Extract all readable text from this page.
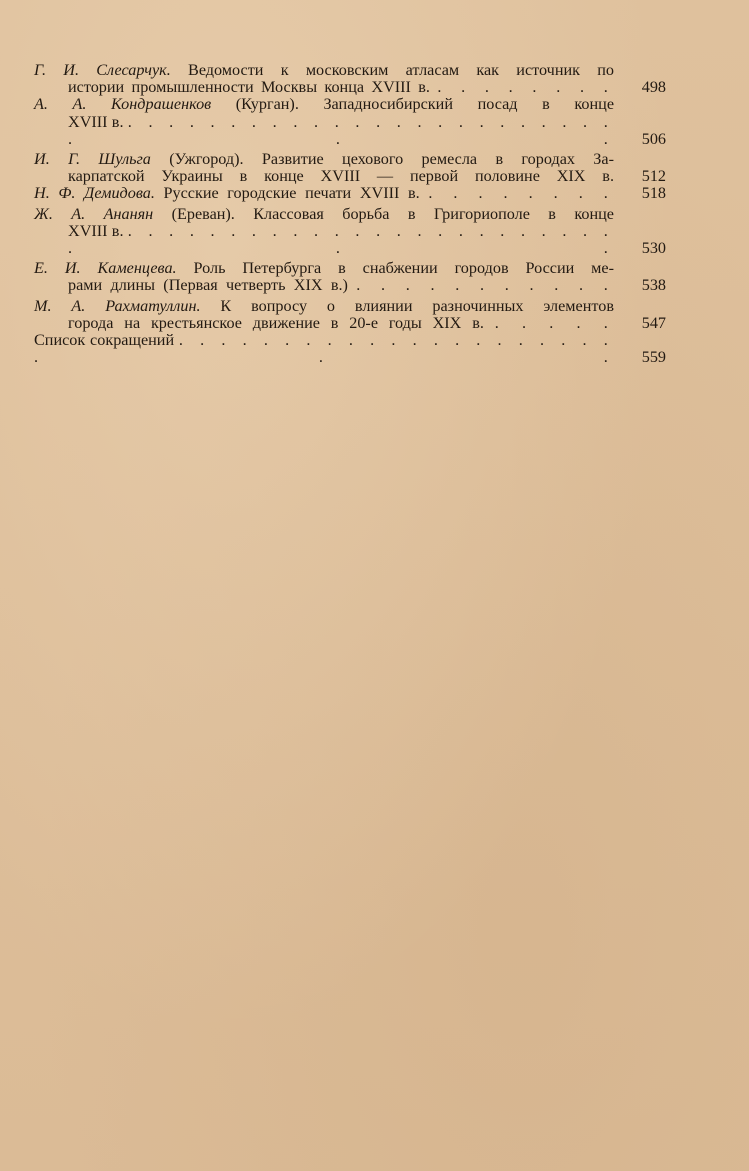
Г. И. Слесарчук. Ведомости к московским атласам как источник по
истории промышленности Москвы конца XVIII в. . . . . . . . .	498
А. А. Кондрашенков (Курган). Западносибирский посад в конце
XVIII в. . . . . . . . . . . . . . . . . . . . . . . . . . . .	506
И. Г. Шульга (Ужгород). Развитие цехового ремесла в городах За-
карпатской Украины в конце XVIII — первой половине XIX в.	512
Н. Ф. Демидова. Русские городские печати XVIII в. . . . . . . . .	518
Ж. А. Ананян (Ереван). Классовая борьба в Григориополе в конце
XVIII в. . . . . . . . . . . . . . . . . . . . . . . . . . . .	530
Е. И. Каменцева. Роль Петербурга в снабжении городов России ме-
рами длины (Первая четверть XIX в.) . . . . . . . . . . .	538
М. А. Рахматуллин. К вопросу о влиянии разночинных элементов
города на крестьянское движение в 20-е годы XIX в. . . . . .	547
Список сокращений . . . . . . . . . . . . . . . . . . . . . . . .	559
